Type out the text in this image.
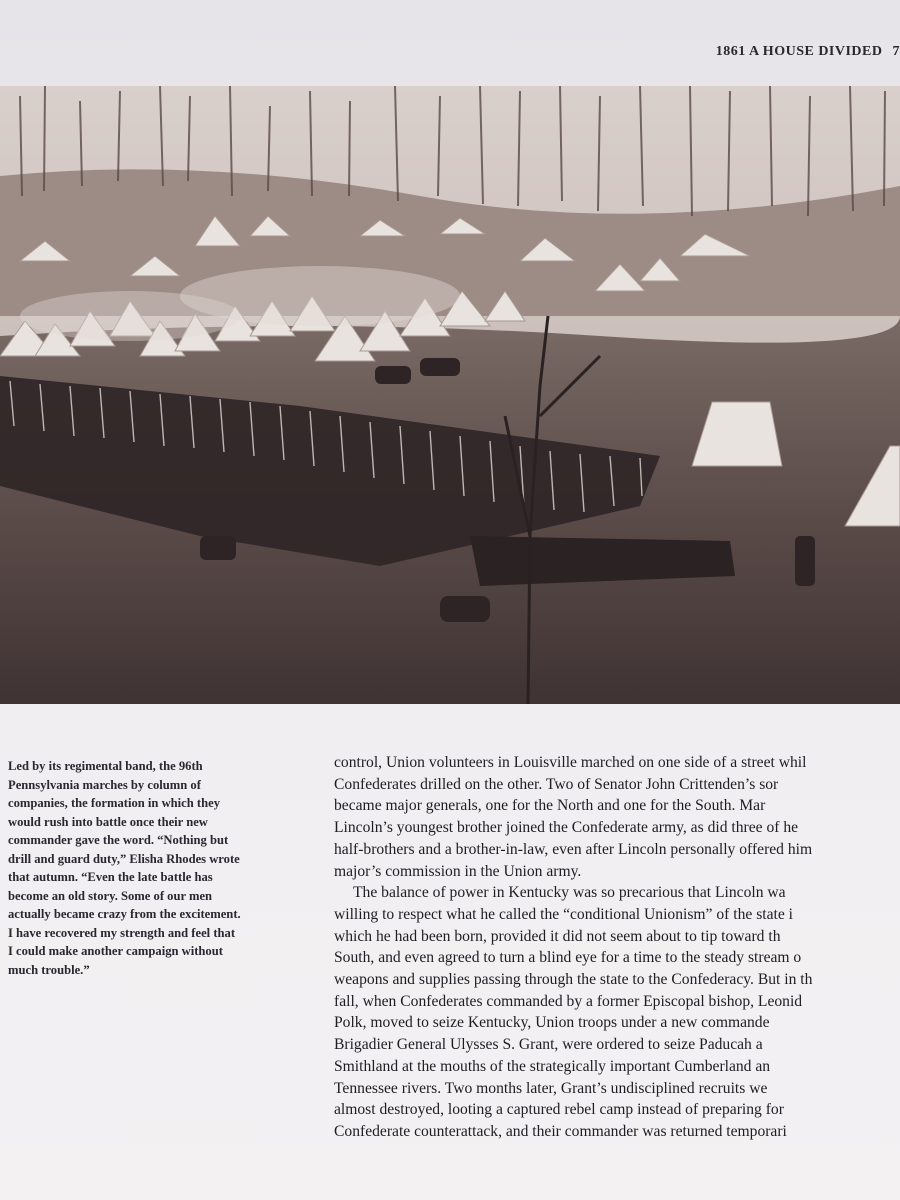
1861 A HOUSE DIVIDED 7
Led by its regimental band, the 96th
Pennsylvania marches by column of
companies, the formation in which they
would rush into battle once their new
commander gave the word. “Nothing but
drill and guard duty,” Elisha Rhodes wrote
that autumn. “Even the late battle has
become an old story. Some of our men
actually became crazy from the excitement.
I have recovered my strength and feel that
I could make another campaign without
much trouble.”
control, Union volunteers in Louisville marched on one side of a street whil
Confederates drilled on the other. Two of Senator John Crittenden’s sor
became major generals, one for the North and one for the South. Mar
Lincoln’s youngest brother joined the Confederate army, as did three of he
half-brothers and a brother-in-law, even after Lincoln personally offered him
major’s commission in the Union army.
The balance of power in Kentucky was so precarious that Lincoln wa
willing to respect what he called the “conditional Unionism” of the state i
which he had been born, provided it did not seem about to tip toward th
South, and even agreed to turn a blind eye for a time to the steady stream o
weapons and supplies passing through the state to the Confederacy. But in th
fall, when Confederates commanded by a former Episcopal bishop, Leonid
Polk, moved to seize Kentucky, Union troops under a new commande
Brigadier General Ulysses S. Grant, were ordered to seize Paducah a
Smithland at the mouths of the strategically important Cumberland an
Tennessee rivers. Two months later, Grant’s undisciplined recruits we
almost destroyed, looting a captured rebel camp instead of preparing for
Confederate counterattack, and their commander was returned temporari
